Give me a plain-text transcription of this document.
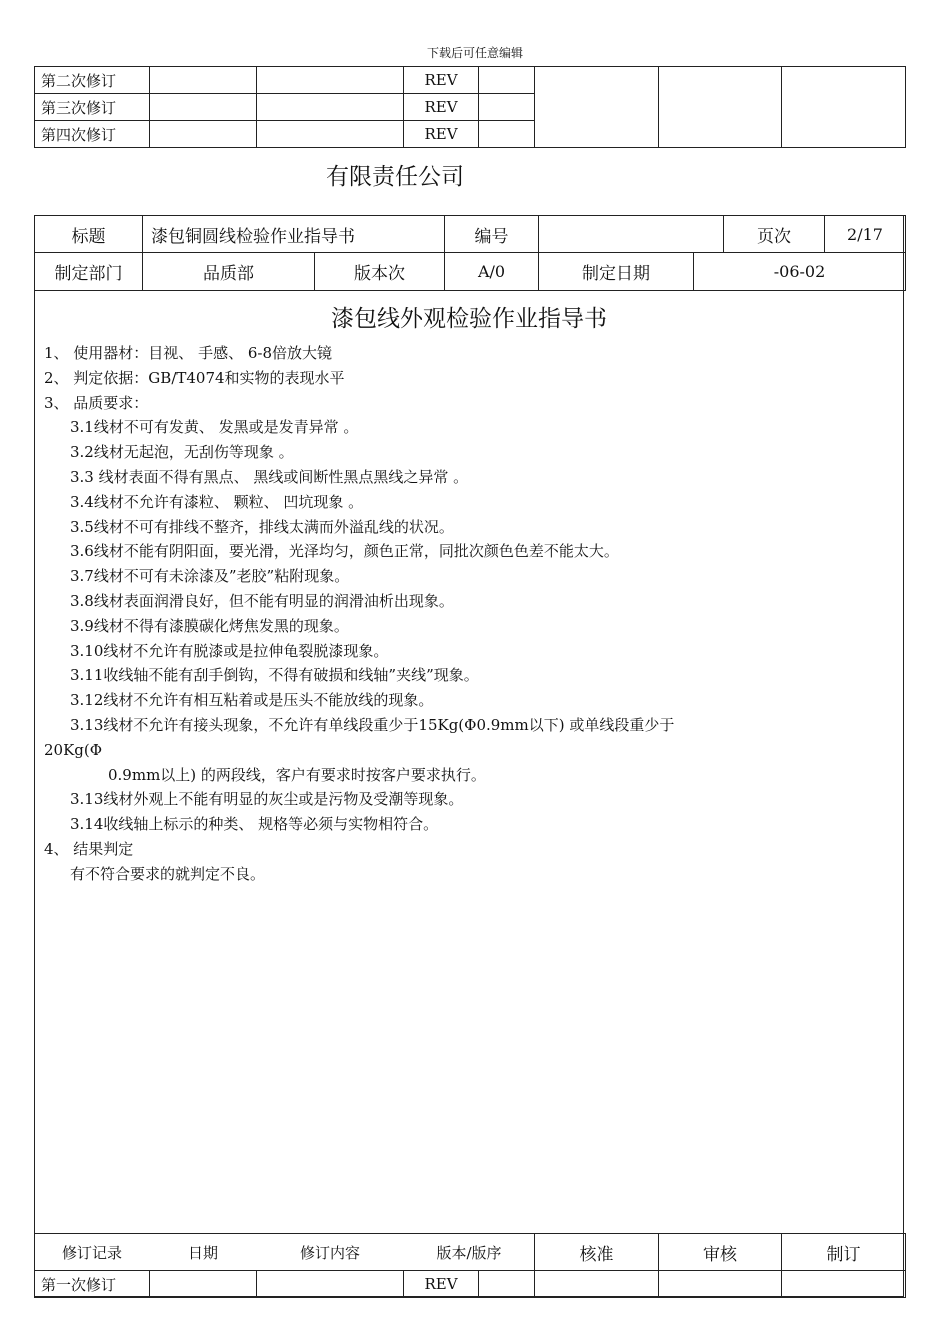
下载后可任意编辑
第二次修订			REV				
第三次修订			REV				
第四次修订			REV				
有限责任公司
标题	漆包铜圆线检验作业指导书	编号		页次	2/17
制定部门	品质部	版本次	A/0	制定日期	-06-02
漆包线外观检验作业指导书
1、 使用器材：目视、 手感、 6-8倍放大镜
2、 判定依据：GB/T4074和实物的表现水平
3、 品质要求：
3.1线材不可有发黄、 发黑或是发青异常 。
3.2线材无起泡，无刮伤等现象 。
3.3 线材表面不得有黑点、 黑线或间断性黑点黑线之异常 。
3.4线材不允许有漆粒、 颗粒、 凹坑现象 。
3.5线材不可有排线不整齐，排线太满而外溢乱线的状况。
3.6线材不能有阴阳面，要光滑，光泽均匀，颜色正常，同批次颜色色差不能太大。
3.7线材不可有未涂漆及”老胶”粘附现象。
3.8线材表面润滑良好，但不能有明显的润滑油析出现象。
3.9线材不得有漆膜碳化烤焦发黑的现象。
3.10线材不允许有脱漆或是拉伸龟裂脱漆现象。
3.11收线轴不能有刮手倒钩，不得有破损和线轴”夹线”现象。
3.12线材不允许有相互粘着或是压头不能放线的现象。
3.13线材不允许有接头现象，不允许有单线段重少于15Kg(Φ0.9mm以下) 或单线段重少于
20Kg(Φ
0.9mm以上) 的两段线，客户有要求时按客户要求执行。
3.13线材外观上不能有明显的灰尘或是污物及受潮等现象。
3.14收线轴上标示的种类、 规格等必须与实物相符合。
4、 结果判定
有不符合要求的就判定不良。
修订记录	日期	修订内容	版本/版序	核准	审核	制订
第一次修订			REV				
